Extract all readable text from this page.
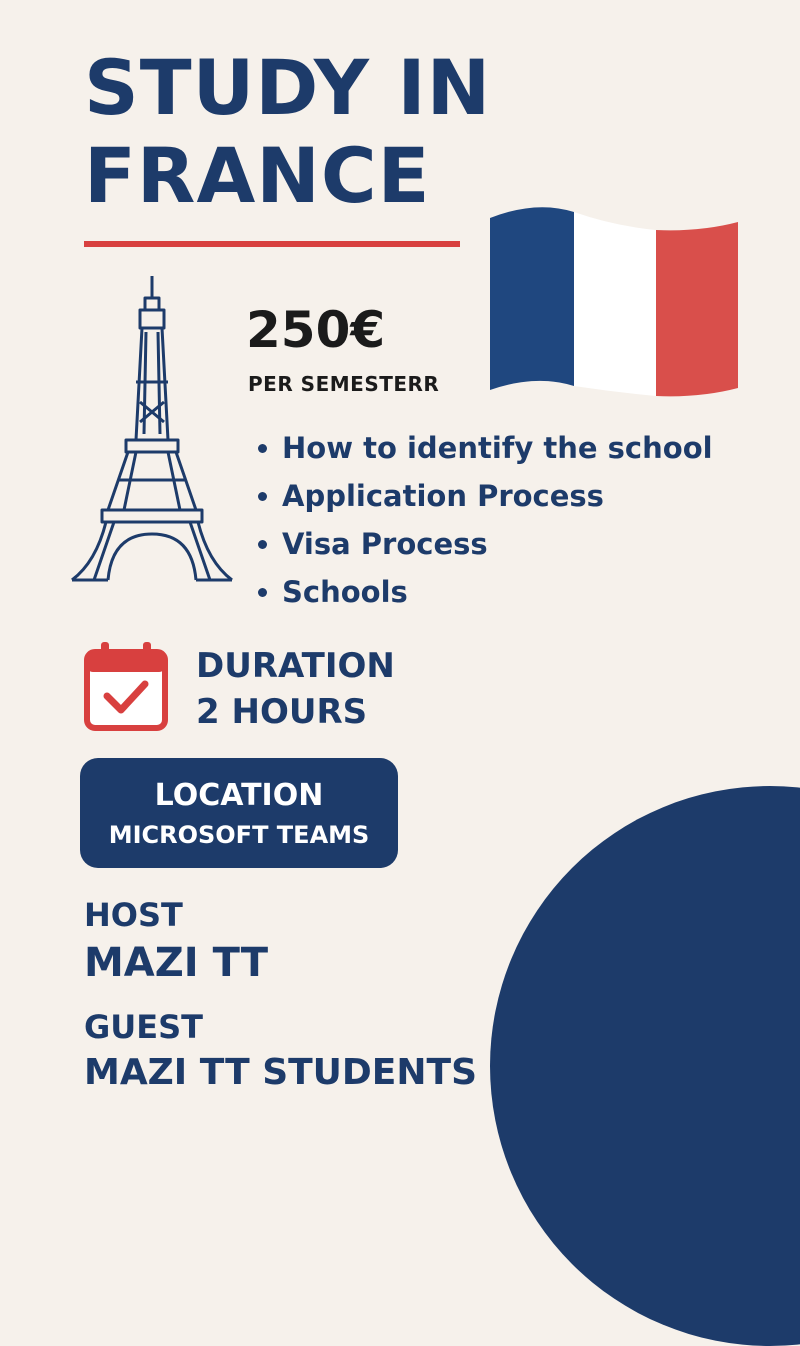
STUDY IN
FRANCE
250€
PER SEMESTERR
How to identify the school
Application Process
Visa Process
Schools
DURATION
2 HOURS
LOCATION
MICROSOFT TEAMS
HOST
MAZI TT
GUEST
MAZI TT STUDENTS
